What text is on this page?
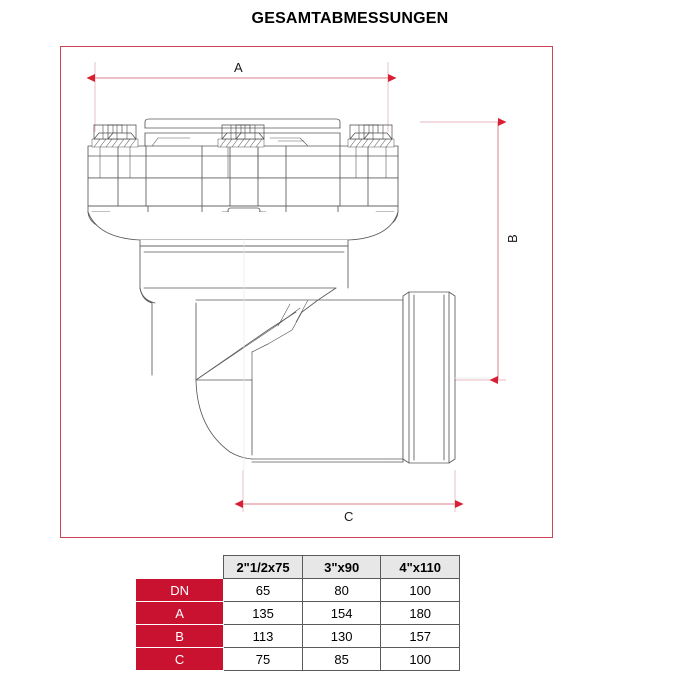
GESAMTABMESSUNGEN
A
B
C
	2"1/2x75	3"x90	4"x110
DN	65	80	100
A	135	154	180
B	113	130	157
C	75	85	100
